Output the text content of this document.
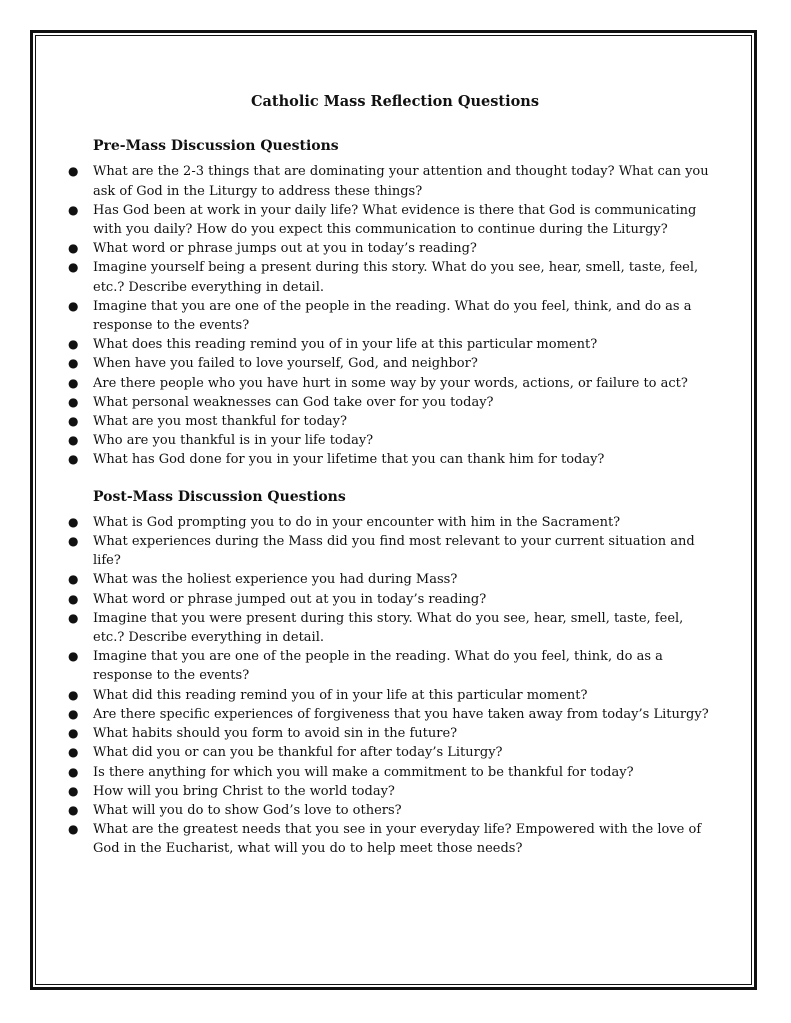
Catholic Mass Reflection Questions
Pre-Mass Discussion Questions
● What are the 2-3 things that are dominating your attention and thought today? What can you ask of God in the Liturgy to address these things?
● Has God been at work in your daily life? What evidence is there that God is communicating with you daily? How do you expect this communication to continue during the Liturgy?
● What word or phrase jumps out at you in today’s reading?
● Imagine yourself being a present during this story. What do you see, hear, smell, taste, feel, etc.? Describe everything in detail.
● Imagine that you are one of the people in the reading. What do you feel, think, and do as a response to the events?
● What does this reading remind you of in your life at this particular moment?
● When have you failed to love yourself, God, and neighbor?
● Are there people who you have hurt in some way by your words, actions, or failure to act?
● What personal weaknesses can God take over for you today?
● What are you most thankful for today?
● Who are you thankful is in your life today?
● What has God done for you in your lifetime that you can thank him for today?
Post-Mass Discussion Questions
● What is God prompting you to do in your encounter with him in the Sacrament?
● What experiences during the Mass did you find most relevant to your current situation and life?
● What was the holiest experience you had during Mass?
● What word or phrase jumped out at you in today’s reading?
● Imagine that you were present during this story. What do you see, hear, smell, taste, feel, etc.? Describe everything in detail.
● Imagine that you are one of the people in the reading. What do you feel, think, do as a response to the events?
● What did this reading remind you of in your life at this particular moment?
● Are there specific experiences of forgiveness that you have taken away from today’s Liturgy?
● What habits should you form to avoid sin in the future?
● What did you or can you be thankful for after today’s Liturgy?
● Is there anything for which you will make a commitment to be thankful for today?
● How will you bring Christ to the world today?
● What will you do to show God’s love to others?
● What are the greatest needs that you see in your everyday life? Empowered with the love of God in the Eucharist, what will you do to help meet those needs?
